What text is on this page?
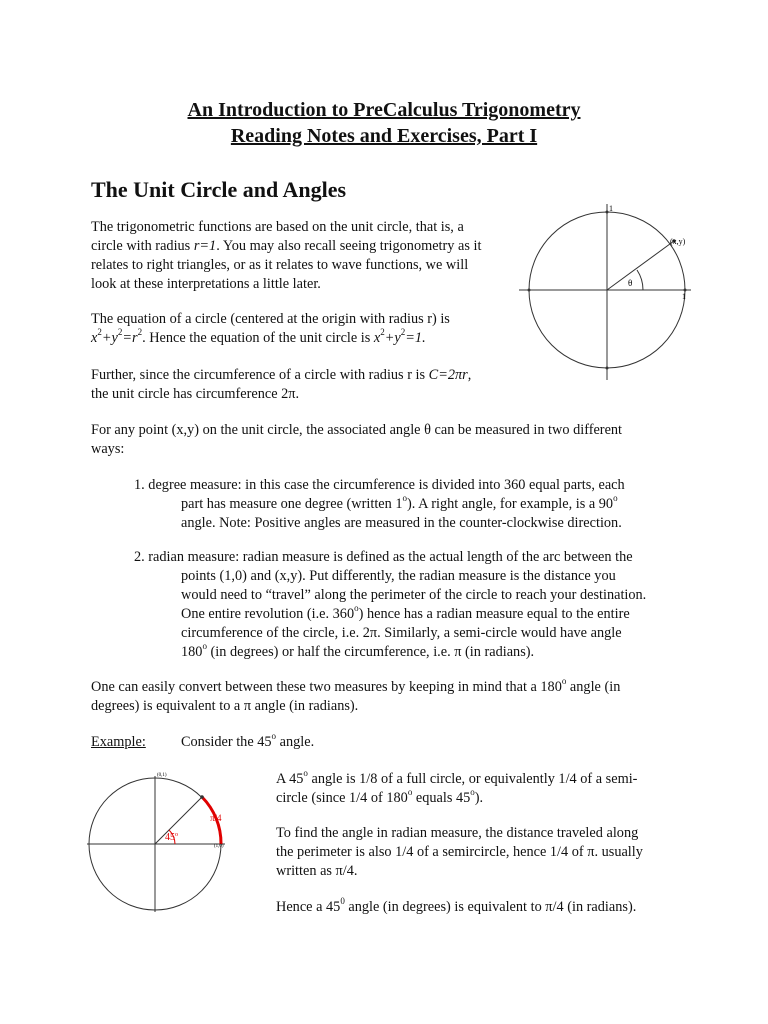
An Introduction to PreCalculus Trigonometry
Reading Notes and Exercises, Part I
The Unit Circle and Angles
The trigonometric functions are based on the unit circle, that is, a
circle with radius r=1. You may also recall seeing trigonometry as it
relates to right triangles, or as it relates to wave functions, we will
look at these interpretations a little later.
The equation of a circle (centered at the origin with radius r) is
$x^2+y^2=r^2$. Hence the equation of the unit circle is $x^2+y^2=1$.
Further, since the circumference of a circle with radius r is C=2πr,
the unit circle has circumference 2π.
1
(x,y)
θ
1
For any point (x,y) on the unit circle, the associated angle θ can be measured in two different
ways:
1. degree measure: in this case the circumference is divided into 360 equal parts, each
part has measure one degree (written 1$^o$). A right angle, for example, is a 90$^o$
angle. Note: Positive angles are measured in the counter-clockwise direction.
2. radian measure: radian measure is defined as the actual length of the arc between the
points (1,0) and (x,y). Put differently, the radian measure is the distance you
would need to “travel” along the perimeter of the circle to reach your destination.
One entire revolution (i.e. 360$^o$) hence has a radian measure equal to the entire
circumference of the circle, i.e. 2π. Similarly, a semi-circle would have angle
180$^o$ (in degrees) or half the circumference, i.e. π (in radians).
One can easily convert between these two measures by keeping in mind that a 180$^o$ angle (in
degrees) is equivalent to a π angle (in radians).
Example: Consider the 45$^o$ angle.
(0,1)
π/4
45$^o$
(1,0)
A 45$^o$ angle is 1/8 of a full circle, or equivalently 1/4 of a semi-
circle (since 1/4 of 180$^o$ equals 45$^o$).
To find the angle in radian measure, the distance traveled along
the perimeter is also 1/4 of a semircircle, hence 1/4 of π. usually
written as π/4.
Hence a $45^0$ angle (in degrees) is equivalent to π/4 (in radians).
